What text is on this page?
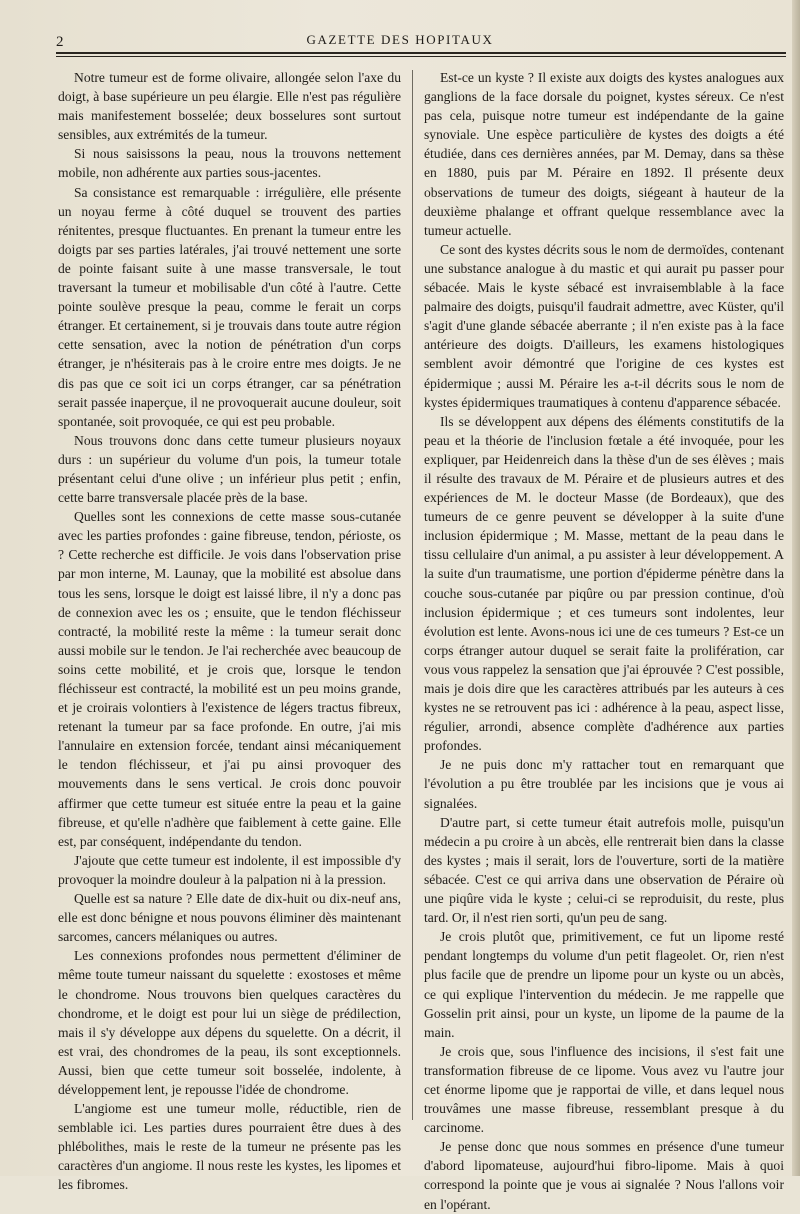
2	GAZETTE DES HOPITAUX

Notre tumeur est de forme olivaire, allongée selon l'axe du doigt, à base supérieure un peu élargie. Elle n'est pas régulière mais manifestement bosselée; deux bosselures sont surtout sensibles, aux extrémités de la tumeur.

Si nous saisissons la peau, nous la trouvons nettement mobile, non adhérente aux parties sous-jacentes.

Sa consistance est remarquable : irrégulière, elle présente un noyau ferme à côté duquel se trouvent des parties rénitentes, presque fluctuantes. En prenant la tumeur entre les doigts par ses parties latérales, j'ai trouvé nettement une sorte de pointe faisant suite à une masse transversale, le tout traversant la tumeur et mobilisable d'un côté à l'autre. Cette pointe soulève presque la peau, comme le ferait un corps étranger. Et certainement, si je trouvais dans toute autre région cette sensation, avec la notion de pénétration d'un corps étranger, je n'hésiterais pas à le croire entre mes doigts. Je ne dis pas que ce soit ici un corps étranger, car sa pénétration serait passée inaperçue, il ne provoquerait aucune douleur, soit spontanée, soit provoquée, ce qui est peu probable.

Nous trouvons donc dans cette tumeur plusieurs noyaux durs : un supérieur du volume d'un pois, la tumeur totale présentant celui d'une olive ; un inférieur plus petit ; enfin, cette barre transversale placée près de la base.

Quelles sont les connexions de cette masse sous-cutanée avec les parties profondes : gaine fibreuse, tendon, périoste, os ? Cette recherche est difficile. Je vois dans l'observation prise par mon interne, M. Launay, que la mobilité est absolue dans tous les sens, lorsque le doigt est laissé libre, il n'y a donc pas de connexion avec les os ; ensuite, que le tendon fléchisseur contracté, la mobilité reste la même : la tumeur serait donc aussi mobile sur le tendon. Je l'ai recherchée avec beaucoup de soins cette mobilité, et je crois que, lorsque le tendon fléchisseur est contracté, la mobilité est un peu moins grande, et je croirais volontiers à l'existence de légers tractus fibreux, retenant la tumeur par sa face profonde. En outre, j'ai mis l'annulaire en extension forcée, tendant ainsi mécaniquement le tendon fléchisseur, et j'ai pu ainsi provoquer des mouvements dans le sens vertical. Je crois donc pouvoir affirmer que cette tumeur est située entre la peau et la gaine fibreuse, et qu'elle n'adhère que faiblement à cette gaine. Elle est, par conséquent, indépendante du tendon.

J'ajoute que cette tumeur est indolente, il est impossible d'y provoquer la moindre douleur à la palpation ni à la pression.

Quelle est sa nature ? Elle date de dix-huit ou dix-neuf ans, elle est donc bénigne et nous pouvons éliminer dès maintenant sarcomes, cancers mélaniques ou autres.

Les connexions profondes nous permettent d'éliminer de même toute tumeur naissant du squelette : exostoses et même le chondrome. Nous trouvons bien quelques caractères du chondrome, et le doigt est pour lui un siège de prédilection, mais il s'y développe aux dépens du squelette. On a décrit, il est vrai, des chondromes de la peau, ils sont exceptionnels. Aussi, bien que cette tumeur soit bosselée, indolente, à développement lent, je repousse l'idée de chondrome.

L'angiome est une tumeur molle, réductible, rien de semblable ici. Les parties dures pourraient être dues à des phlébolithes, mais le reste de la tumeur ne présente pas les caractères d'un angiome. Il nous reste les kystes, les lipomes et les fibromes.

Est-ce un kyste ? Il existe aux doigts des kystes analogues aux ganglions de la face dorsale du poignet, kystes séreux. Ce n'est pas cela, puisque notre tumeur est indépendante de la gaine synoviale. Une espèce particulière de kystes des doigts a été étudiée, dans ces dernières années, par M. Demay, dans sa thèse en 1880, puis par M. Péraire en 1892. Il présente deux observations de tumeur des doigts, siégeant à hauteur de la deuxième phalange et offrant quelque ressemblance avec la tumeur actuelle.

Ce sont des kystes décrits sous le nom de dermoïdes, contenant une substance analogue à du mastic et qui aurait pu passer pour sébacée. Mais le kyste sébacé est invraisemblable à la face palmaire des doigts, puisqu'il faudrait admettre, avec Küster, qu'il s'agit d'une glande sébacée aberrante ; il n'en existe pas à la face antérieure des doigts. D'ailleurs, les examens histologiques semblent avoir démontré que l'origine de ces kystes est épidermique ; aussi M. Péraire les a-t-il décrits sous le nom de kystes épidermiques traumatiques à contenu d'apparence sébacée.

Ils se développent aux dépens des éléments constitutifs de la peau et la théorie de l'inclusion fœtale a été invoquée, pour les expliquer, par Heidenreich dans la thèse d'un de ses élèves ; mais il résulte des travaux de M. Péraire et de plusieurs autres et des expériences de M. le docteur Masse (de Bordeaux), que des tumeurs de ce genre peuvent se développer à la suite d'une inclusion épidermique ; M. Masse, mettant de la peau dans le tissu cellulaire d'un animal, a pu assister à leur développement. A la suite d'un traumatisme, une portion d'épiderme pénètre dans la couche sous-cutanée par piqûre ou par pression continue, d'où inclusion épidermique ; et ces tumeurs sont indolentes, leur évolution est lente. Avons-nous ici une de ces tumeurs ? Est-ce un corps étranger autour duquel se serait faite la prolifération, car vous vous rappelez la sensation que j'ai éprouvée ? C'est possible, mais je dois dire que les caractères attribués par les auteurs à ces kystes ne se retrouvent pas ici : adhérence à la peau, aspect lisse, régulier, arrondi, absence complète d'adhérence aux parties profondes.

Je ne puis donc m'y rattacher tout en remarquant que l'évolution a pu être troublée par les incisions que je vous ai signalées.

D'autre part, si cette tumeur était autrefois molle, puisqu'un médecin a pu croire à un abcès, elle rentrerait bien dans la classe des kystes ; mais il serait, lors de l'ouverture, sorti de la matière sébacée. C'est ce qui arriva dans une observation de Péraire où une piqûre vida le kyste ; celui-ci se reproduisit, du reste, plus tard. Or, il n'est rien sorti, qu'un peu de sang.

Je crois plutôt que, primitivement, ce fut un lipome resté pendant longtemps du volume d'un petit flageolet. Or, rien n'est plus facile que de prendre un lipome pour un kyste ou un abcès, ce qui explique l'intervention du médecin. Je me rappelle que Gosselin prit ainsi, pour un kyste, un lipome de la paume de la main.

Je crois que, sous l'influence des incisions, il s'est fait une transformation fibreuse de ce lipome. Vous avez vu l'autre jour cet énorme lipome que je rapportai de ville, et dans lequel nous trouvâmes une masse fibreuse, ressemblant presque à du carcinome.

Je pense donc que nous sommes en présence d'une tumeur d'abord lipomateuse, aujourd'hui fibro-lipome. Mais à quoi correspond la pointe que je vous ai signalée ? Nous l'allons voir en l'opérant.
